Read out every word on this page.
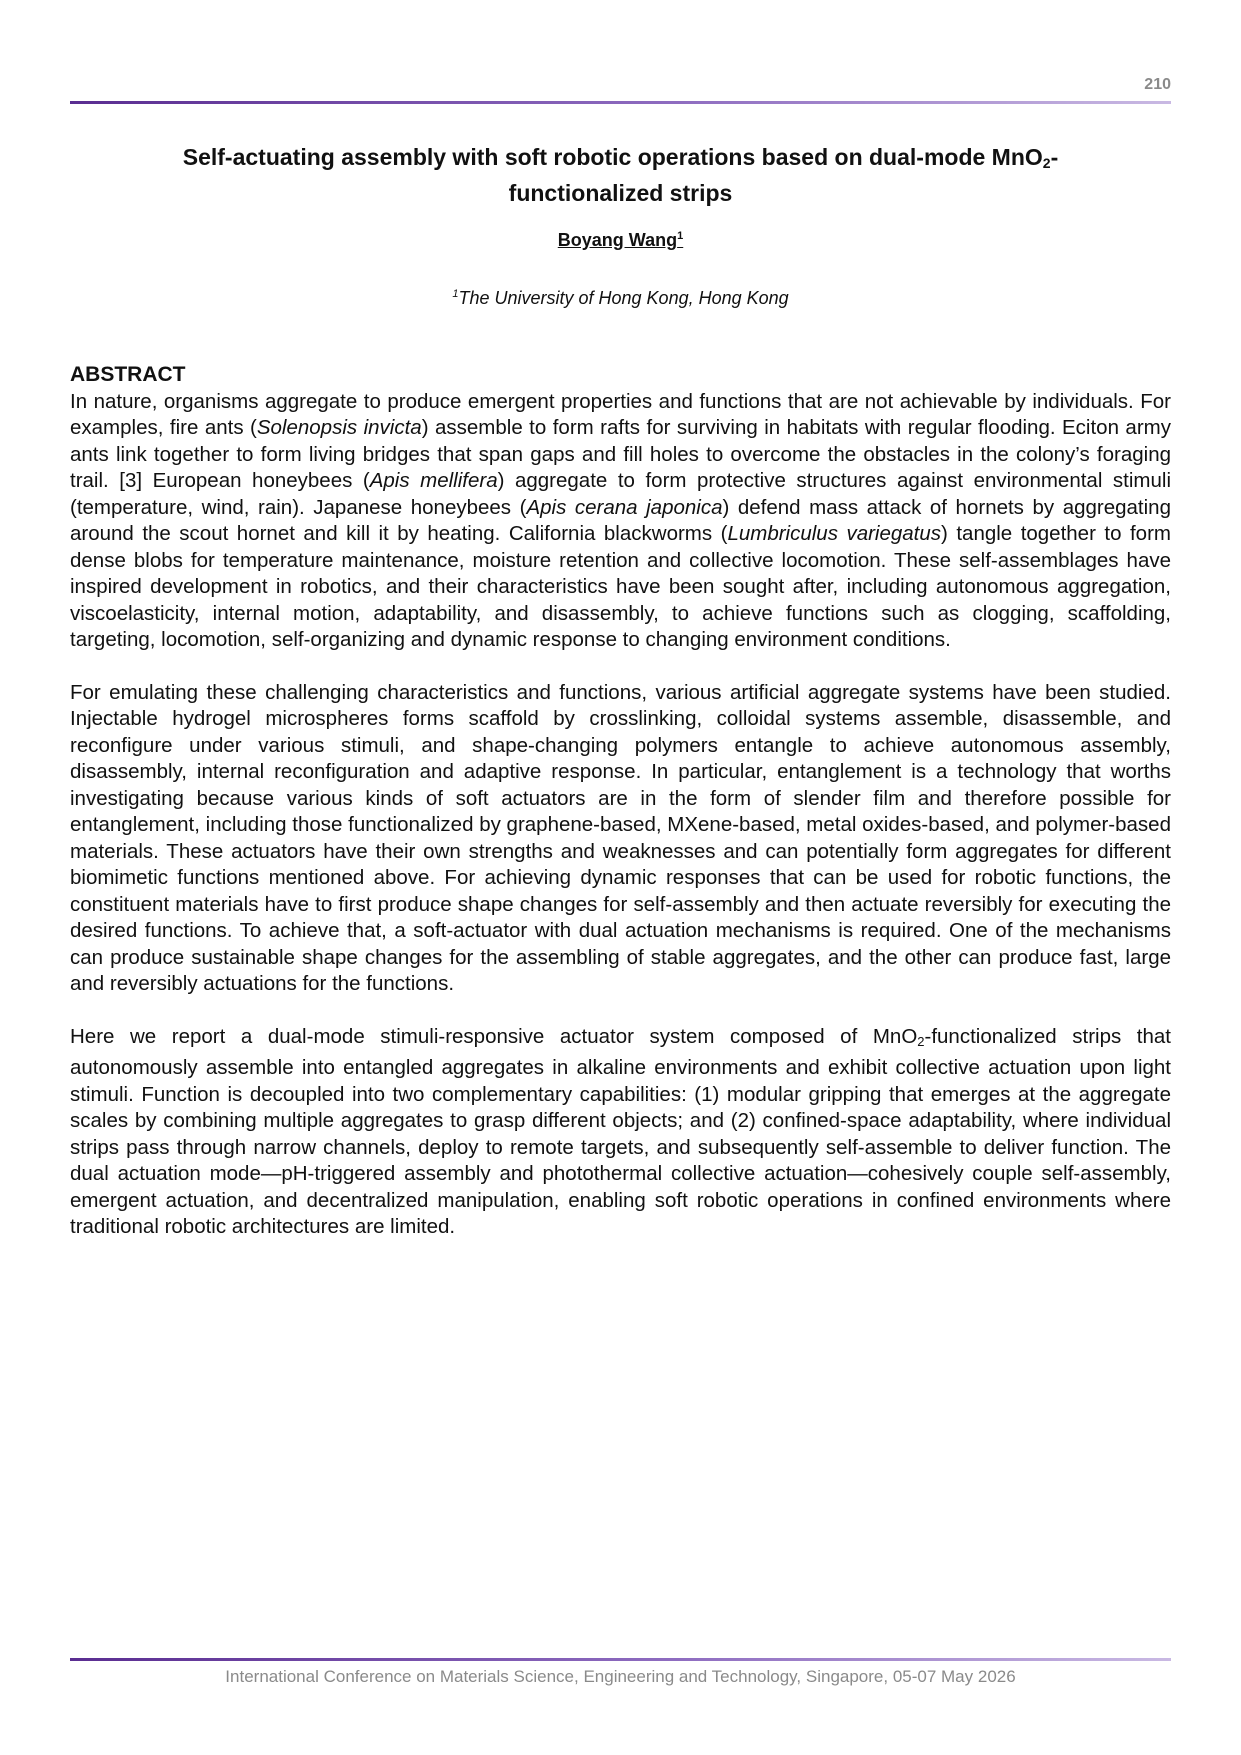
210
Self-actuating assembly with soft robotic operations based on dual-mode MnO$_2$-
functionalized strips
Boyang Wang$^1$
$^1$The University of Hong Kong, Hong Kong

ABSTRACT

In nature, organisms aggregate to produce emergent properties and functions that are not achievable by individuals. For examples, fire ants (Solenopsis invicta) assemble to form rafts for surviving in habitats with regular flooding. Eciton army ants link together to form living bridges that span gaps and fill holes to overcome the obstacles in the colony’s foraging trail. [3] European honeybees (Apis mellifera) aggregate to form protective structures against environmental stimuli (temperature, wind, rain). Japanese honeybees (Apis cerana japonica) defend mass attack of hornets by aggregating around the scout hornet and kill it by heating. California blackworms (Lumbriculus variegatus) tangle together to form dense blobs for temperature maintenance, moisture retention and collective locomotion. These self-assemblages have inspired development in robotics, and their characteristics have been sought after, including autonomous aggregation, viscoelasticity, internal motion, adaptability, and disassembly, to achieve functions such as clogging, scaffolding, targeting, locomotion, self-organizing and dynamic response to changing environment conditions.

For emulating these challenging characteristics and functions, various artificial aggregate systems have been studied. Injectable hydrogel microspheres forms scaffold by crosslinking, colloidal systems assemble, disassemble, and reconfigure under various stimuli, and shape-changing polymers entangle to achieve autonomous assembly, disassembly, internal reconfiguration and adaptive response. In particular, entanglement is a technology that worths investigating because various kinds of soft actuators are in the form of slender film and therefore possible for entanglement, including those functionalized by graphene-based, MXene-based, metal oxides-based, and polymer-based materials. These actuators have their own strengths and weaknesses and can potentially form aggregates for different biomimetic functions mentioned above. For achieving dynamic responses that can be used for robotic functions, the constituent materials have to first produce shape changes for self-assembly and then actuate reversibly for executing the desired functions. To achieve that, a soft-actuator with dual actuation mechanisms is required. One of the mechanisms can produce sustainable shape changes for the assembling of stable aggregates, and the other can produce fast, large and reversibly actuations for the functions.

Here we report a dual-mode stimuli-responsive actuator system composed of MnO$_2$-functionalized strips that autonomously assemble into entangled aggregates in alkaline environments and exhibit collective actuation upon light stimuli. Function is decoupled into two complementary capabilities: (1) modular gripping that emerges at the aggregate scales by combining multiple aggregates to grasp different objects; and (2) confined-space adaptability, where individual strips pass through narrow channels, deploy to remote targets, and subsequently self-assemble to deliver function. The dual actuation mode—pH-triggered assembly and photothermal collective actuation—cohesively couple self-assembly, emergent actuation, and decentralized manipulation, enabling soft robotic operations in confined environments where traditional robotic architectures are limited.

International Conference on Materials Science, Engineering and Technology, Singapore, 05-07 May 2026
